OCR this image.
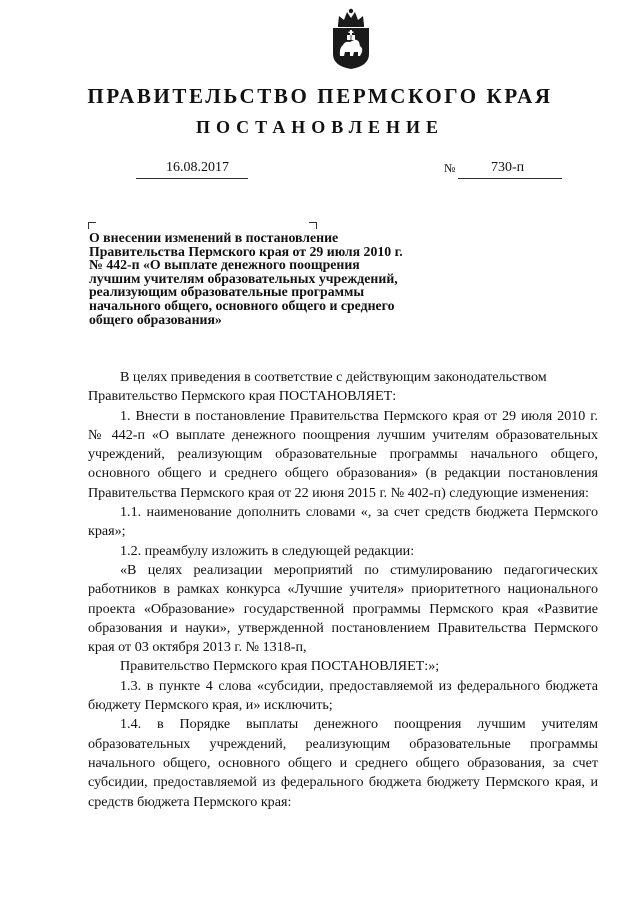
ПРАВИТЕЛЬСТВО ПЕРМСКОГО КРАЯ
ПОСТАНОВЛЕНИЕ
16.08.2017	№	730-п

О внесении изменений в постановление Правительства Пермского края от 29 июля 2010 г. № 442-п «О выплате денежного поощрения лучшим учителям образовательных учреждений, реализующим образовательные программы начального общего, основного общего и среднего общего образования»

В целях приведения в соответствие с действующим законодательством

Правительство Пермского края ПОСТАНОВЛЯЕТ:

1. Внести в постановление Правительства Пермского края от 29 июля 2010 г. № 442-п «О выплате денежного поощрения лучшим учителям образовательных учреждений, реализующим образовательные программы начального общего, основного общего и среднего общего образования» (в редакции постановления Правительства Пермского края от 22 июня 2015 г. № 402-п) следующие изменения:

1.1. наименование дополнить словами «, за счет средств бюджета Пермского края»;

1.2. преамбулу изложить в следующей редакции:

«В целях реализации мероприятий по стимулированию педагогических работников в рамках конкурса «Лучшие учителя» приоритетного национального проекта «Образование» государственной программы Пермского края «Развитие образования и науки», утвержденной постановлением Правительства Пермского края от 03 октября 2013 г. № 1318-п,

Правительство Пермского края ПОСТАНОВЛЯЕТ:»;

1.3. в пункте 4 слова «субсидии, предоставляемой из федерального бюджета бюджету Пермского края, и» исключить;

1.4. в Порядке выплаты денежного поощрения лучшим учителям образовательных учреждений, реализующим образовательные программы начального общего, основного общего и среднего общего образования, за счет субсидии, предоставляемой из федерального бюджета бюджету Пермского края, и средств бюджета Пермского края:
